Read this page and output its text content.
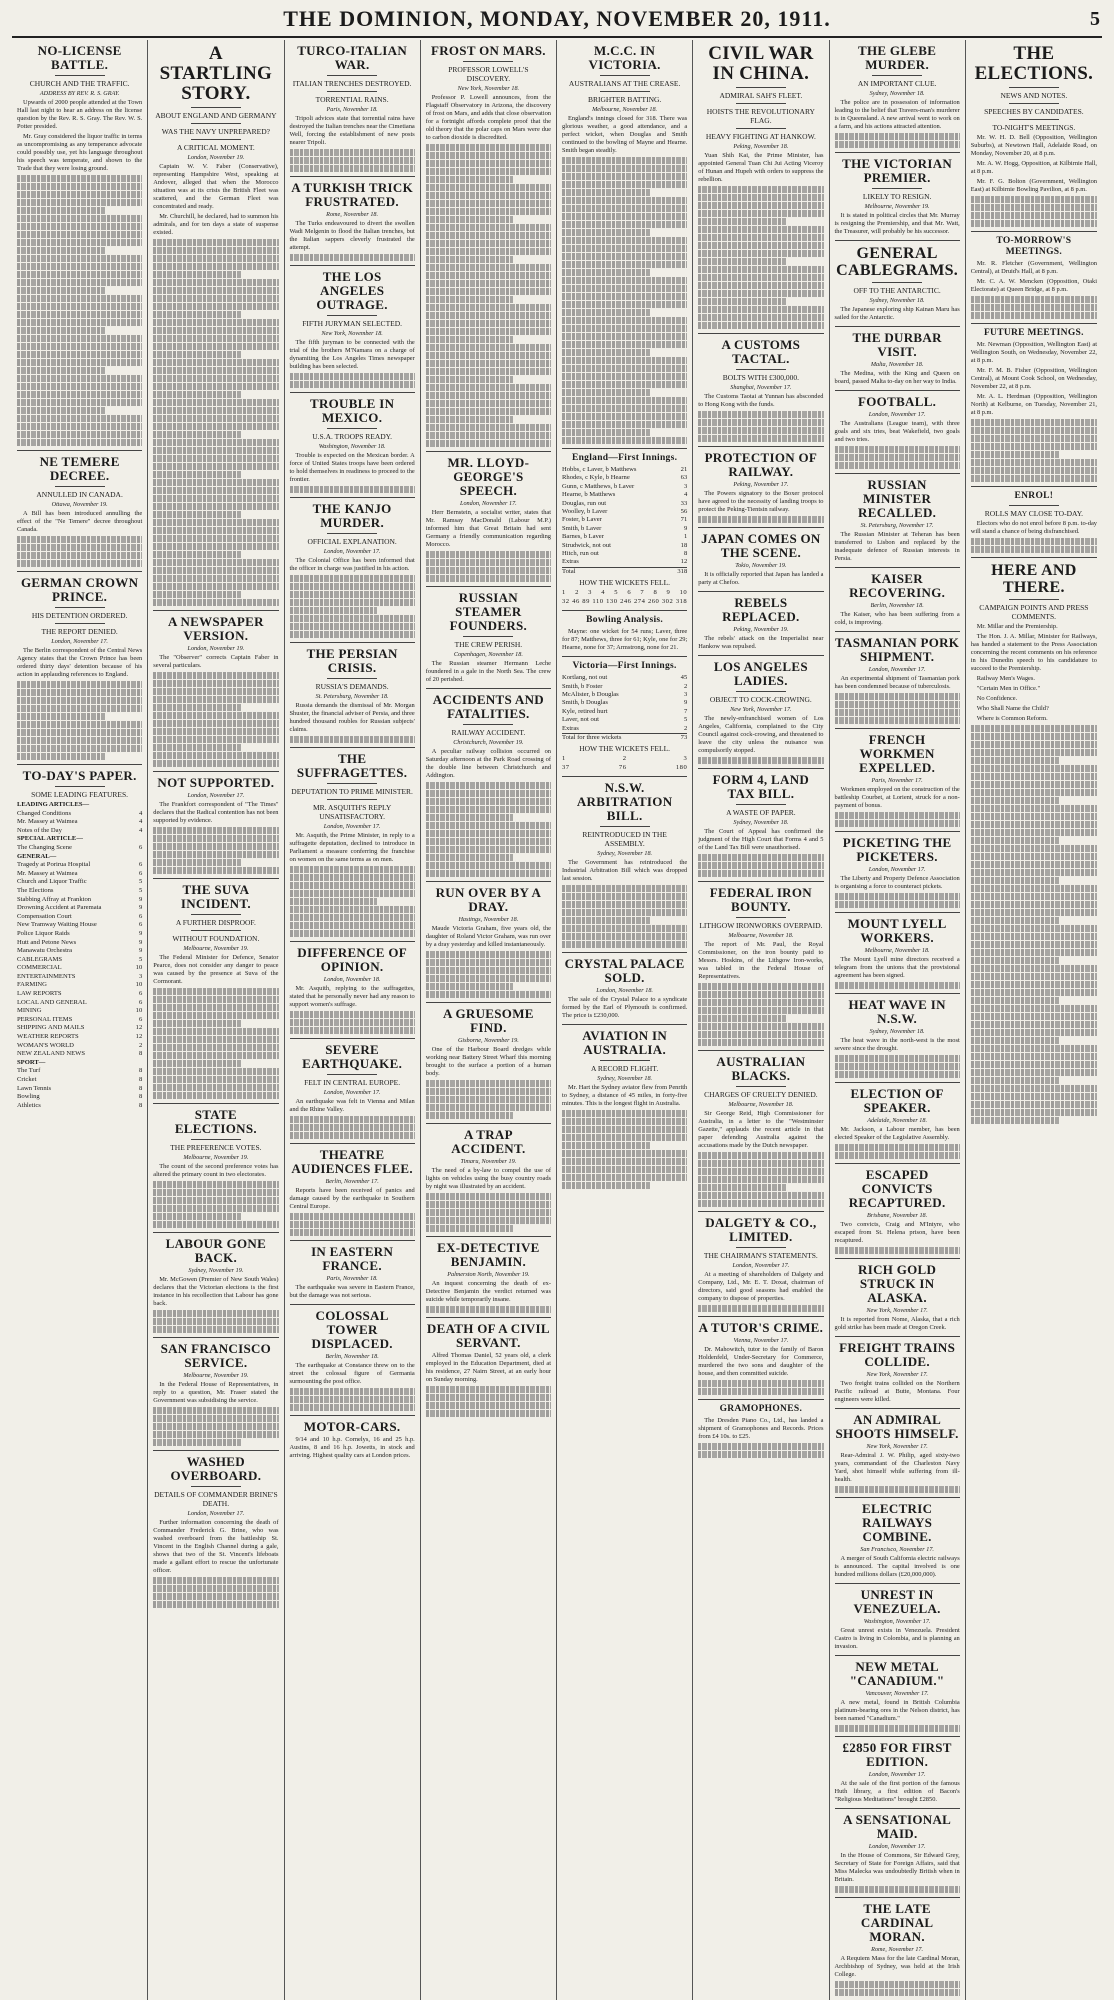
THE DOMINION, MONDAY, NOVEMBER 20, 1911.	5
NO-LICENSE BATTLE.
CHURCH AND THE TRAFFIC.
ADDRESS BY REV. R. S. GRAY.

Upwards of 2000 people attended at the Town Hall last night to hear an address on the license question by the Rev. R. S. Gray. The Rev. W. S. Potter presided.

Mr. Gray considered the liquor traffic in terms as uncompromising as any temperance advocate could possibly use, yet his language throughout his speech was temperate, and shown to the Trade that they were losing ground.

NE TEMERE DECREE.
ANNULLED IN CANADA.
Ottawa, November 19.

A Bill has been introduced annulling the effect of the "Ne Temere" decree throughout Canada.

GERMAN CROWN PRINCE.
HIS DETENTION ORDERED.
THE REPORT DENIED.
London, November 17.

The Berlin correspondent of the Central News Agency states that the Crown Prince has been ordered thirty days' detention because of his action in applauding references to England.

TO-DAY'S PAPER.
SOME LEADING FEATURES.
LEADING ARTICLES—
Changed Conditions	4
Mr. Massey at Waimea	4
Notes of the Day	4
SPECIAL ARTICLE—
The Changing Scene	6
GENERAL—
Tragedy at Porirua Hospital	6
Mr. Massey at Waimea	6
Church and Liquor Traffic	5
The Elections	5
Stabbing Affray at Frankton	9
Drowning Accident at Paremata	9
Compensation Court	6
New Tramway Waiting House	6
Police Liquor Raids	9
Hutt and Petone News	9
Manawatu Orchestra	9
CABLEGRAMS	5
COMMERCIAL	10
ENTERTAINMENTS	3
FARMING	10
LAW REPORTS	6
LOCAL AND GENERAL	6
MINING	10
PERSONAL ITEMS	6
SHIPPING AND MAILS	12
WEATHER REPORTS	12
WOMAN'S WORLD	2
NEW ZEALAND NEWS	8
SPORT—
The Turf	8
Cricket	8
Lawn Tennis	8
Bowling	8
Athletics	8
A STARTLING STORY.
ABOUT ENGLAND AND GERMANY
WAS THE NAVY UNPREPARED?
A CRITICAL MOMENT.
London, November 19.

Captain W. V. Faber (Conservative), representing Hampshire West, speaking at Andover, alleged that when the Morocco situation was at its crisis the British Fleet was scattered, and the German Fleet was concentrated and ready.

Mr. Churchill, he declared, had to summon his admirals, and for ten days a state of suspense existed.

A NEWSPAPER VERSION.
London, November 19.

The "Observer" corrects Captain Faber in several particulars.

NOT SUPPORTED.
London, November 17.

The Frankfort correspondent of "The Times" declares that the Radical contention has not been supported by evidence.

THE SUVA INCIDENT.
A FURTHER DISPROOF.
WITHOUT FOUNDATION.
Melbourne, November 19.

The Federal Minister for Defence, Senator Pearce, does not consider any danger to peace was caused by the presence at Suva of the Cormorant.

STATE ELECTIONS.
THE PREFERENCE VOTES.
Melbourne, November 19.

The count of the second preference votes has altered the primary count in two electorates.

LABOUR GONE BACK.
Sydney, November 19.

Mr. McGowen (Premier of New South Wales) declares that the Victorian elections is the first instance in his recollection that Labour has gone back.

SAN FRANCISCO SERVICE.
Melbourne, November 19.

In the Federal House of Representatives, in reply to a question, Mr. Fraser stated the Government was subsidising the service.

WASHED OVERBOARD.
DETAILS OF COMMANDER BRINE'S DEATH.
London, November 17.

Further information concerning the death of Commander Frederick G. Brine, who was washed overboard from the battleship St. Vincent in the English Channel during a gale, shows that two of the St. Vincent's lifeboats made a gallant effort to rescue the unfortunate officer.

TURCO-ITALIAN WAR.
ITALIAN TRENCHES DESTROYED.
TORRENTIAL RAINS.
Paris, November 18.

Tripoli advices state that torrential rains have destroyed the Italian trenches near the Cimetiana Well, forcing the establishment of new posts nearer Tripoli.

A TURKISH TRICK FRUSTRATED.
Rome, November 18.

The Turks endeavoured to divert the swollen Wadi Melgenin to flood the Italian trenches, but the Italian sappers cleverly frustrated the attempt.

THE LOS ANGELES OUTRAGE.
FIFTH JURYMAN SELECTED.
New York, November 18.

The fifth juryman to be connected with the trial of the brothers M'Namara on a charge of dynamiting the Los Angeles Times newspaper building has been selected.

TROUBLE IN MEXICO.
U.S.A. TROOPS READY.
Washington, November 18.

Trouble is expected on the Mexican border. A force of United States troops have been ordered to hold themselves in readiness to proceed to the frontier.

THE KANJO MURDER.
OFFICIAL EXPLANATION.
London, November 17.

The Colonial Office has been informed that the officer in charge was justified in his action.

THE PERSIAN CRISIS.
RUSSIA'S DEMANDS.
St. Petersburg, November 18.

Russia demands the dismissal of Mr. Morgan Shuster, the financial adviser of Persia, and three hundred thousand roubles for Russian subjects' claims.

THE SUFFRAGETTES.
DEPUTATION TO PRIME MINISTER.
MR. ASQUITH'S REPLY UNSATISFACTORY.
London, November 17.

Mr. Asquith, the Prime Minister, in reply to a suffragette deputation, declined to introduce in Parliament a measure conferring the franchise on women on the same terms as on men.

DIFFERENCE OF OPINION.
London, November 18.

Mr. Asquith, replying to the suffragettes, stated that he personally never had any reason to support women's suffrage.

SEVERE EARTHQUAKE.
FELT IN CENTRAL EUROPE.
London, November 17.

An earthquake was felt in Vienna and Milan and the Rhine Valley.

THEATRE AUDIENCES FLEE.
Berlin, November 17.

Reports have been received of panics and damage caused by the earthquake in Southern Central Europe.

IN EASTERN FRANCE.
Paris, November 18.

The earthquake was severe in Eastern France, but the damage was not serious.

COLOSSAL TOWER DISPLACED.
Berlin, November 18.

The earthquake at Constance threw on to the street the colossal figure of Germania surmounting the post office.

MOTOR-CARS.

9/14 and 10 h.p. Cornelys, 16 and 25 h.p. Austins, 8 and 16 h.p. Jowetts, in stock and arriving. Highest quality cars at London prices.

FROST ON MARS.
PROFESSOR LOWELL'S DISCOVERY.
New York, November 18.

Professor P. Lowell announces, from the Flagstaff Observatory in Arizona, the discovery of frost on Mars, and adds that close observation for a fortnight affords complete proof that the old theory that the polar caps on Mars were due to carbon dioxide is discredited.

MR. LLOYD-GEORGE'S SPEECH.
London, November 17.

Herr Bernstein, a socialist writer, states that Mr. Ramsay MacDonald (Labour M.P.) informed him that Great Britain had sent Germany a friendly communication regarding Morocco.

RUSSIAN STEAMER FOUNDERS.
THE CREW PERISH.
Copenhagen, November 18.

The Russian steamer Hermann Leche foundered in a gale in the North Sea. The crew of 20 perished.

ACCIDENTS AND FATALITIES.
RAILWAY ACCIDENT.
Christchurch, November 19.

A peculiar railway collision occurred on Saturday afternoon at the Park Road crossing of the double line between Christchurch and Addington.

RUN OVER BY A DRAY.
Hastings, November 18.

Maude Victoria Graham, five years old, the daughter of Roland Victor Graham, was run over by a dray yesterday and killed instantaneously.

A GRUESOME FIND.
Gisborne, November 19.

One of the Harbour Board dredges while working near Battery Street Wharf this morning brought to the surface a portion of a human body.

A TRAP ACCIDENT.
Timaru, November 19.

The need of a by-law to compel the use of lights on vehicles using the busy country roads by night was illustrated by an accident.

EX-DETECTIVE BENJAMIN.
Palmerston North, November 19.

An inquest concerning the death of ex-Detective Benjamin the verdict returned was suicide while temporarily insane.

DEATH OF A CIVIL SERVANT.

Alfred Thomas Daniel, 52 years old, a clerk employed in the Education Department, died at his residence, 27 Nairn Street, at an early hour on Sunday morning.

M.C.C. IN VICTORIA.
AUSTRALIANS AT THE CREASE.
BRIGHTER BATTING.
Melbourne, November 18.

England's innings closed for 318. There was glorious weather, a good attendance, and a perfect wicket, when Douglas and Smith continued to the bowling of Mayne and Hearne. Smith began steadily.

England—First Innings.
Hobbs, c Laver, b Matthews	21
Rhodes, c Kyle, b Hearne	63
Gunn, c Matthews, b Laver	3
Hearne, b Matthews	4
Douglas, run out	33
Woolley, b Laver	56
Foster, b Laver	71
Smith, b Laver	9
Barnes, b Laver	1
Strudwick, not out	18
Hitch, run out	8
Extras	12
Total	318
HOW THE WICKETS FELL.
1 2 3 4 5 6 7 8 9 10
32 46 89 110 130 246 274 260 302 318
Bowling Analysis.

Mayne: one wicket for 54 runs; Laver, three for 87; Matthews, three for 61; Kyle, one for 29; Hearne, none for 37; Armstrong, none for 21.

Victoria—First Innings.
Kortlang, not out	45
Smith, b Foster	2
McAlister, b Douglas	3
Smith, b Douglas	9
Kyle, retired hurt	7
Laver, not out	5
Extras	2
Total for three wickets	73
HOW THE WICKETS FELL.
1	2	3
37	76	180
N.S.W. ARBITRATION BILL.
REINTRODUCED IN THE ASSEMBLY.
Sydney, November 18.

The Government has reintroduced the Industrial Arbitration Bill which was dropped last session.

CRYSTAL PALACE SOLD.
London, November 18.

The sale of the Crystal Palace to a syndicate formed by the Earl of Plymouth is confirmed. The price is £230,000.

AVIATION IN AUSTRALIA.
A RECORD FLIGHT.
Sydney, November 18.

Mr. Hart the Sydney aviator flew from Penrith to Sydney, a distance of 45 miles, in forty-five minutes. This is the longest flight in Australia.

CIVIL WAR IN CHINA.
ADMIRAL SAH'S FLEET.
HOISTS THE REVOLUTIONARY FLAG.
HEAVY FIGHTING AT HANKOW.
Peking, November 18.

Yuan Shih Kai, the Prime Minister, has appointed General Tuan Chi Jui Acting Viceroy of Hunan and Hupeh with orders to suppress the rebellion.

A CUSTOMS TACTAL.
BOLTS WITH £300,000.
Shanghai, November 17.

The Customs Taotai at Yunnan has absconded to Hong Kong with the funds.

PROTECTION OF RAILWAY.
Peking, November 17.

The Powers signatory to the Boxer protocol have agreed to the necessity of landing troops to protect the Peking-Tientsin railway.

JAPAN COMES ON THE SCENE.
Tokio, November 19.

It is officially reported that Japan has landed a party at Chefoo.

REBELS REPLACED.
Peking, November 19.

The rebels' attack on the Imperialist near Hankow was repulsed.

LOS ANGELES LADIES.
OBJECT TO COCK-CROWING.
New York, November 17.

The newly-enfranchised women of Los Angeles, California, complained to the City Council against cock-crowing, and threatened to leave the city unless the nuisance was compulsorily stopped.

FORM 4, LAND TAX BILL.
A WASTE OF PAPER.
Sydney, November 18.

The Court of Appeal has confirmed the judgment of the High Court that Forms 4 and 5 of the Land Tax Bill were unauthorised.

FEDERAL IRON BOUNTY.
LITHGOW IRONWORKS OVERPAID.
Melbourne, November 18.

The report of Mr. Paul, the Royal Commissioner, on the iron bounty paid to Messrs. Hoskins, of the Lithgow Iron-works, was tabled in the Federal House of Representatives.

AUSTRALIAN BLACKS.
CHARGES OF CRUELTY DENIED.
Melbourne, November 18.

Sir George Reid, High Commissioner for Australia, in a letter to the "Westminster Gazette," applauds the recent article in that paper defending Australia against the accusations made by the Dutch newspaper.

DALGETY & CO., LIMITED.
THE CHAIRMAN'S STATEMENTS.
London, November 17.

At a meeting of shareholders of Dalgety and Company, Ltd., Mr. E. T. Doxat, chairman of directors, said good seasons had enabled the company to dispose of properties.

A TUTOR'S CRIME.
Vienna, November 17.

Dr. Mahowitch, tutor to the family of Baron Holdenfeld, Under-Secretary for Commerce, murdered the two sons and daughter of the house, and then committed suicide.

GRAMOPHONES.

The Dresden Piano Co., Ltd., has landed a shipment of Gramophones and Records. Prices from £4 10s. to £25.

THE GLEBE MURDER.
AN IMPORTANT CLUE.
Sydney, November 18.

The police are in possession of information leading to the belief that Travers-man's murderer is in Queensland. A new arrival went to work on a farm, and his actions attracted attention.

THE VICTORIAN PREMIER.
LIKELY TO RESIGN.
Melbourne, November 19.

It is stated in political circles that Mr. Murray is resigning the Premiership, and that Mr. Watt, the Treasurer, will probably be his successor.

GENERAL CABLEGRAMS.
OFF TO THE ANTARCTIC.
Sydney, November 18.

The Japanese exploring ship Kainan Maru has sailed for the Antarctic.

THE DURBAR VISIT.
Malta, November 18.

The Medina, with the King and Queen on board, passed Malta to-day on her way to India.

FOOTBALL.
London, November 17.

The Australians (League team), with three goals and six tries, beat Wakefield, two goals and two tries.

RUSSIAN MINISTER RECALLED.
St. Petersburg, November 17.

The Russian Minister at Teheran has been transferred to Lisbon and replaced by the inadequate defence of Russian interests in Persia.

KAISER RECOVERING.
Berlin, November 18.

The Kaiser, who has been suffering from a cold, is improving.

TASMANIAN PORK SHIPMENT.
London, November 17.

An experimental shipment of Tasmanian pork has been condemned because of tuberculosis.

FRENCH WORKMEN EXPELLED.
Paris, November 17.

Workmen employed on the construction of the battleship Courbet, at Lorient, struck for a non-payment of bonus.

PICKETING THE PICKETERS.
London, November 17.

The Liberty and Property Defence Association is organising a force to counteract pickets.

MOUNT LYELL WORKERS.
Melbourne, November 18.

The Mount Lyell mine directors received a telegram from the unions that the provisional agreement has been signed.

HEAT WAVE IN N.S.W.
Sydney, November 18.

The heat wave in the north-west is the most severe since the drought.

ELECTION OF SPEAKER.
Adelaide, November 18.

Mr. Jackson, a Labour member, has been elected Speaker of the Legislative Assembly.

ESCAPED CONVICTS RECAPTURED.
Brisbane, November 18.

Two convicts, Craig and M'Intyre, who escaped from St. Helena prison, have been recaptured.

RICH GOLD STRUCK IN ALASKA.
New York, November 17.

It is reported from Nome, Alaska, that a rich gold strike has been made at Oregon Creek.

FREIGHT TRAINS COLLIDE.
New York, November 17.

Two freight trains collided on the Northern Pacific railroad at Butte, Montana. Four engineers were killed.

AN ADMIRAL SHOOTS HIMSELF.
New York, November 17.

Rear-Admiral J. W. Philip, aged sixty-two years, commandant of the Charleston Navy Yard, shot himself while suffering from ill-health.

ELECTRIC RAILWAYS COMBINE.
San Francisco, November 17.

A merger of South California electric railways is announced. The capital involved is one hundred millions dollars (£20,000,000).

UNREST IN VENEZUELA.
Washington, November 17.

Great unrest exists in Venezuela. President Castro is living in Colombia, and is planning an invasion.

NEW METAL "CANADIUM."
Vancouver, November 17.

A new metal, found in British Columbia platinum-bearing ores in the Nelson district, has been named "Canadium."

£2850 FOR FIRST EDITION.
London, November 17.

At the sale of the first portion of the famous Huth library, a first edition of Bacon's "Religious Meditations" brought £2850.

A SENSATIONAL MAID.
London, November 17.

In the House of Commons, Sir Edward Grey, Secretary of State for Foreign Affairs, said that Miss Malecka was undoubtedly British when in Britain.

THE LATE CARDINAL MORAN.
Rome, November 17.

A Requiem Mass for the late Cardinal Moran, Archbishop of Sydney, was held at the Irish College.

THE ELECTIONS.
NEWS AND NOTES.
SPEECHES BY CANDIDATES.
TO-NIGHT'S MEETINGS.

Mr. W. H. D. Bell (Opposition, Wellington Suburbs), at Newtown Hall, Adelaide Road, on Monday, November 20, at 8 p.m.

Mr. A. W. Hogg, Opposition, at Kilbirnie Hall, at 8 p.m.

Mr. F. G. Bolton (Government, Wellington East) at Kilbirnie Bowling Pavilion, at 8 p.m.

TO-MORROW'S MEETINGS.

Mr. R. Fletcher (Government, Wellington Central), at Druid's Hall, at 8 p.m.

Mr. C. A. W. Mencken (Opposition, Otaki Electorate) at Queen Bridge, at 8 p.m.

FUTURE MEETINGS.

Mr. Newman (Opposition, Wellington East) at Wellington South, on Wednesday, November 22, at 8 p.m.

Mr. F. M. B. Fisher (Opposition, Wellington Central), at Mount Cook School, on Wednesday, November 22, at 8 p.m.

Mr. A. L. Herdman (Opposition, Wellington North) at Kelburne, on Tuesday, November 21, at 8 p.m.

ENROL!
ROLLS MAY CLOSE TO-DAY.

Electors who do not enrol before 8 p.m. to-day will stand a chance of being disfranchised.

HERE AND THERE.
CAMPAIGN POINTS AND PRESS COMMENTS.

Mr. Millar and the Premiership.

The Hon. J. A. Millar, Minister for Railways, has handed a statement to the Press Association concerning the recent comments on his reference in his Dunedin speech to his candidature to succeed to the Premiership.

Railway Men's Wages.

"Certain Men in Office."

No Confidence.

Who Shall Name the Child?

Where is Common Reform.
